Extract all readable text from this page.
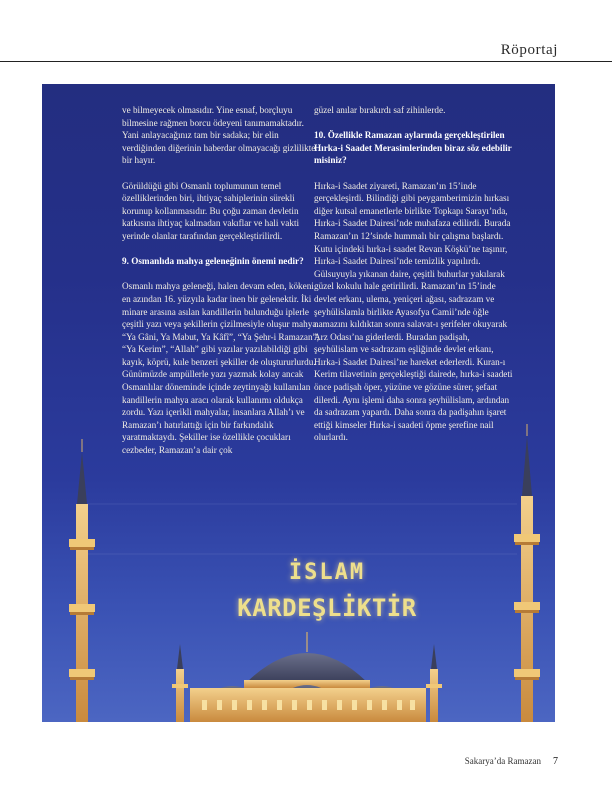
Röportaj

ve bilmeyecek olmasıdır. Yine esnaf, borçluyu bilmesine rağmen borcu ödeyeni tanımamaktadır. Yani anlayacağınız tam bir sadaka; bir elin verdiğinden diğerinin haberdar olmayacağı gizlilikte bir hayır.

Görüldüğü gibi Osmanlı toplumunun temel özelliklerinden biri, ihtiyaç sahiplerinin sürekli korunup kollanmasıdır. Bu çoğu zaman devletin katkısına ihtiyaç kalmadan vakıflar ve hali vakti yerinde olanlar tarafından gerçekleştirilirdi.

9. Osmanlıda mahya geleneğinin önemi nedir?

Osmanlı mahya geleneği, halen devam eden, kökeni en azından 16. yüzyıla kadar inen bir gelenektir. İki minare arasına asılan kandillerin bulunduğu iplerle çeşitli yazı veya şekillerin çizilmesiyle oluşur mahya. “Ya Gâni, Ya Mabut, Ya Kâfî”, “Ya Şehr-i Ramazan”, “Ya Kerim”, “Allah” gibi yazılar yazılabildiği gibi kayık, köprü, kule benzeri şekiller de oluştururlurdu. Günümüzde ampüllerle yazı yazmak kolay ancak Osmanlılar döneminde içinde zeytinyağı kullanılan kandillerin mahya aracı olarak kullanımı oldukça zordu. Yazı içerikli mahyalar, insanlara Allah’ı ve Ramazan’ı hatırlattığı için bir farkındalık yaratmaktaydı. Şekiller ise özellikle çocukları cezbeder, Ramazan’a dair çok

güzel anılar bırakırdı saf zihinlerde.

10. Özellikle Ramazan aylarında gerçekleştirilen Hırka-i Saadet Merasimlerinden biraz söz edebilir misiniz?

Hırka-i Saadet ziyareti, Ramazan’ın 15’inde gerçekleşirdi. Bilindiği gibi peygamberimizin hırkası diğer kutsal emanetlerle birlikte Topkapı Sarayı’nda, Hırka-i Saadet Dairesi’nde muhafaza edilirdi. Burada Ramazan’ın 12’sinde hummalı bir çalışma başlardı. Kutu içindeki hırka-i saadet Revan Köşkü’ne taşınır, Hırka-i Saadet Dairesi’nde temizlik yapılırdı. Gülsuyuyla yıkanan daire, çeşitli buhurlar yakılarak güzel kokulu hale getirilirdi. Ramazan’ın 15’inde devlet erkanı, ulema, yeniçeri ağası, sadrazam ve şeyhülislamla birlikte Ayasofya Camii’nde öğle namazını kıldıktan sonra salavat-ı şerifeler okuyarak Arz Odası’na giderlerdi. Buradan padişah, şeyhülislam ve sadrazam eşliğinde devlet erkanı, Hırka-i Saadet Dairesi’ne hareket ederlerdi. Kuran-ı Kerim tilavetinin gerçekleştiği dairede, hırka-i saadeti önce padişah öper, yüzüne ve gözüne sürer, şefaat dilerdi. Aynı işlemi daha sonra şeyhülislam, ardından da sadrazam yapardı. Daha sonra da padişahın işaret ettiği kimseler Hırka-i saadeti öpme şerefine nail olurlardı.

İSLAM
KARDEŞLİKTİR
Sakarya’da Ramazan 7
